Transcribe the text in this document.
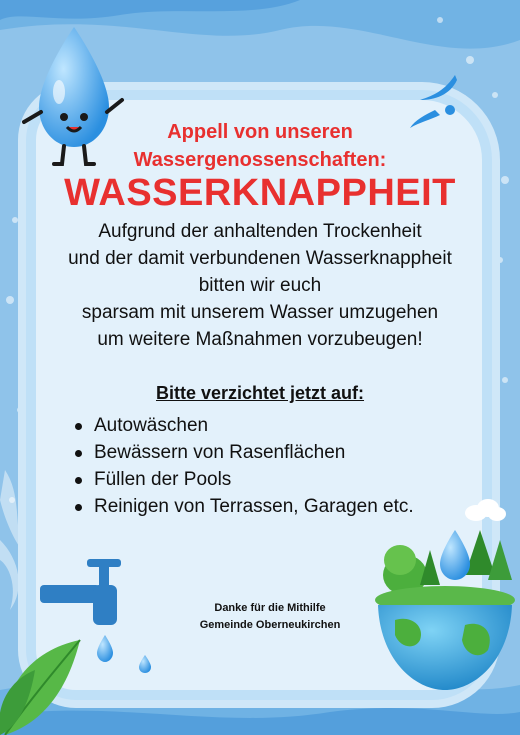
Appell von unseren
Wassergenossenschaften:
WASSERKNAPPHEIT
Aufgrund der anhaltenden Trockenheit
und der damit verbundenen Wasserknappheit
bitten wir euch
sparsam mit unserem Wasser umzugehen
um weitere Maßnahmen vorzubeugen!
Bitte verzichtet jetzt auf:
Autowäschen
Bewässern von Rasenflächen
Füllen der Pools
Reinigen von Terrassen, Garagen etc.
Danke für die Mithilfe
Gemeinde Oberneukirchen
